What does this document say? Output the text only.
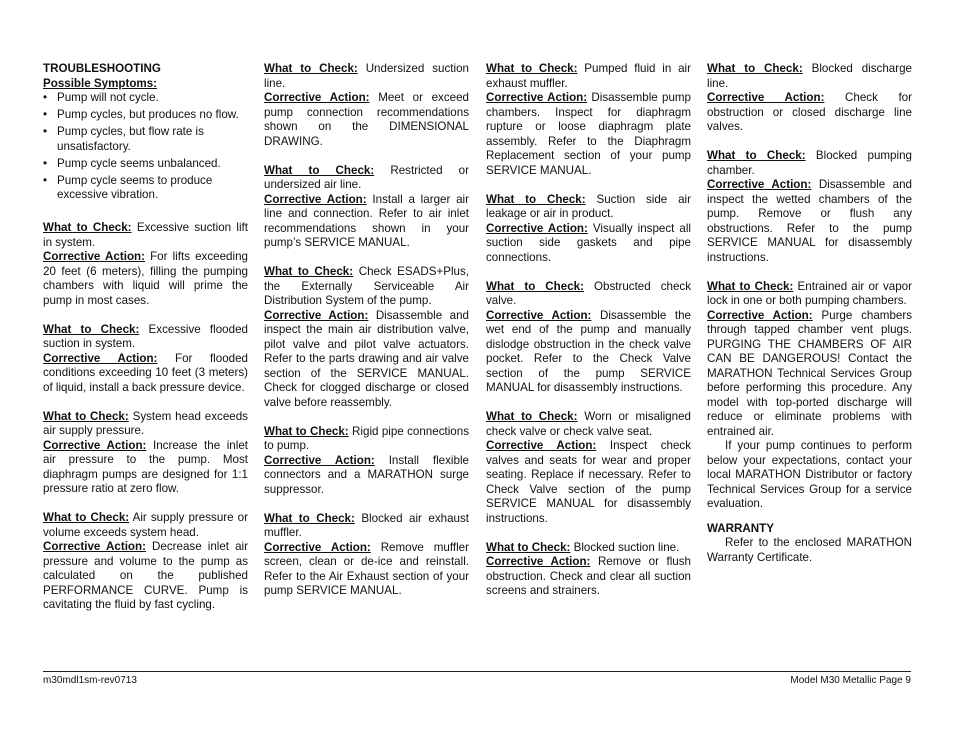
TROUBLESHOOTING
Possible Symptoms:
• Pump will not cycle.
• Pump cycles, but produces no flow.
• Pump cycles, but flow rate is unsatisfactory.
• Pump cycle seems unbalanced.
• Pump cycle seems to produce excessive vibration.

What to Check: Excessive suction lift in system.

Corrective Action: For lifts exceeding 20 feet (6 meters), filling the pumping chambers with liquid will prime the pump in most cases.

What to Check: Excessive flooded suction in system.

Corrective Action: For flooded conditions exceeding 10 feet (3 meters) of liquid, install a back pressure device.

What to Check: System head exceeds air supply pressure.

Corrective Action: Increase the inlet air pressure to the pump. Most diaphragm pumps are designed for 1:1 pressure ratio at zero flow.

What to Check: Air supply pressure or volume exceeds system head.

Corrective Action: Decrease inlet air pressure and volume to the pump as calculated on the published PERFORMANCE CURVE. Pump is cavitating the fluid by fast cycling.

What to Check: Undersized suction line.

Corrective Action: Meet or exceed pump connection recommendations shown on the DIMENSIONAL DRAWING.

What to Check: Restricted or undersized air line.

Corrective Action: Install a larger air line and connection. Refer to air inlet recommendations shown in your pump’s SERVICE MANUAL.

What to Check: Check ESADS+Plus, the Externally Serviceable Air Distribution System of the pump.

Corrective Action: Disassemble and inspect the main air distribution valve, pilot valve and pilot valve actuators. Refer to the parts drawing and air valve section of the SERVICE MANUAL. Check for clogged discharge or closed valve before reassembly.

What to Check: Rigid pipe connections to pump.

Corrective Action: Install flexible connectors and a MARATHON surge suppressor.

What to Check: Blocked air exhaust muffler.

Corrective Action: Remove muffler screen, clean or de-ice and reinstall. Refer to the Air Exhaust section of your pump SERVICE MANUAL.

What to Check: Pumped fluid in air exhaust muffler.

Corrective Action: Disassemble pump chambers. Inspect for diaphragm rupture or loose diaphragm plate assembly. Refer to the Diaphragm Replacement section of your pump SERVICE MANUAL.

What to Check: Suction side air leakage or air in product.

Corrective Action: Visually inspect all suction side gaskets and pipe connections.

What to Check: Obstructed check valve.

Corrective Action: Disassemble the wet end of the pump and manually dislodge obstruction in the check valve pocket. Refer to the Check Valve section of the pump SERVICE MANUAL for disassembly instructions.

What to Check: Worn or misaligned check valve or check valve seat.

Corrective Action: Inspect check valves and seats for wear and proper seating. Replace if necessary. Refer to Check Valve section of the pump SERVICE MANUAL for disassembly instructions.

What to Check: Blocked suction line.

Corrective Action: Remove or flush obstruction. Check and clear all suction screens and strainers.

What to Check: Blocked discharge line.

Corrective Action: Check for obstruction or closed discharge line valves.

What to Check: Blocked pumping chamber.

Corrective Action: Disassemble and inspect the wetted chambers of the pump. Remove or flush any obstructions. Refer to the pump SERVICE MANUAL for disassembly instructions.

What to Check: Entrained air or vapor lock in one or both pumping chambers.

Corrective Action: Purge chambers through tapped chamber vent plugs. PURGING THE CHAMBERS OF AIR CAN BE DANGEROUS! Contact the MARATHON Technical Services Group before performing this procedure. Any model with top-ported discharge will reduce or eliminate problems with entrained air.

If your pump continues to perform below your expectations, contact your local MARATHON Distributor or factory Technical Services Group for a service evaluation.

WARRANTY

Refer to the enclosed MARATHON Warranty Certificate.

m30mdl1sm-rev0713	Model M30 Metallic Page 9
